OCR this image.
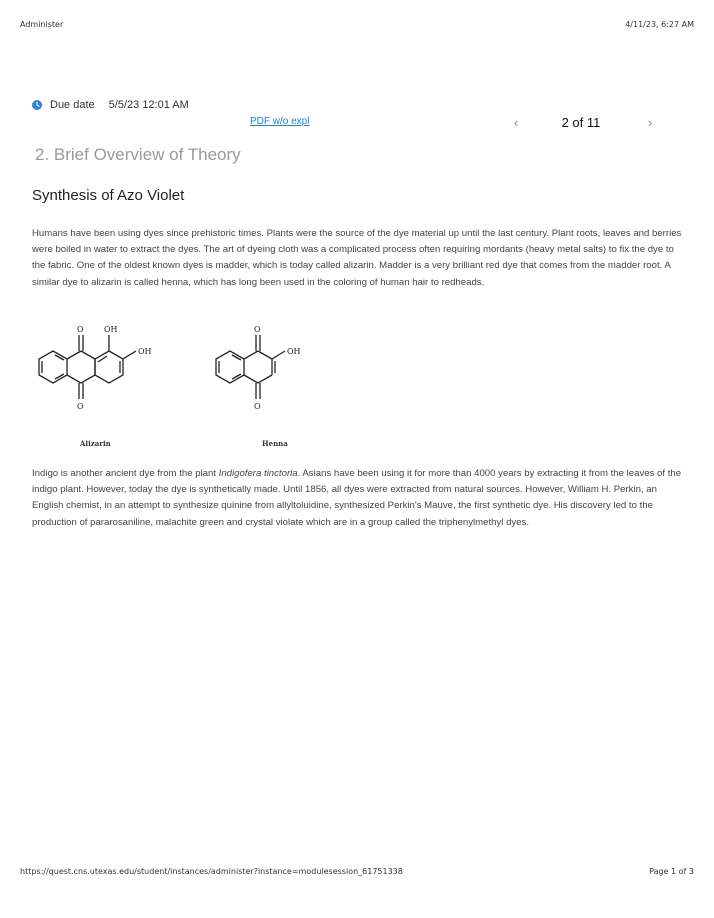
Administer	4/11/23, 6:27 AM
Due date 5/5/23 12:01 AM
PDF w/o expl	‹	2 of 11	›
2. Brief Overview of Theory
Synthesis of Azo Violet

Humans have been using dyes since prehistoric times. Plants were the source of the dye material up until the last century. Plant roots, leaves and berries were boiled in water to extract the dyes. The art of dyeing cloth was a complicated process often requiring mordants (heavy metal salts) to fix the dye to the fabric. One of the oldest known dyes is madder, which is today called alizarin. Madder is a very brilliant red dye that comes from the madder root. A similar dye to alizarin is called henna, which has long been used in the coloring of human hair to redheads.

O
O
OH
OH
Alizarin
O
O
OH
Henna

Indigo is another ancient dye from the plant Indigofera tinctoria. Asians have been using it for more than 4000 years by extracting it from the leaves of the indigo plant. However, today the dye is synthetically made. Until 1856, all dyes were extracted from natural sources. However, William H. Perkin, an English chemist, in an attempt to synthesize quinine from allyltoluidine, synthesized Perkin's Mauve, the first synthetic dye. His discovery led to the production of pararosaniline, malachite green and crystal violate which are in a group called the triphenylmethyl dyes.

https://quest.cns.utexas.edu/student/instances/administer?instance=modulesession_61751338	Page 1 of 3
